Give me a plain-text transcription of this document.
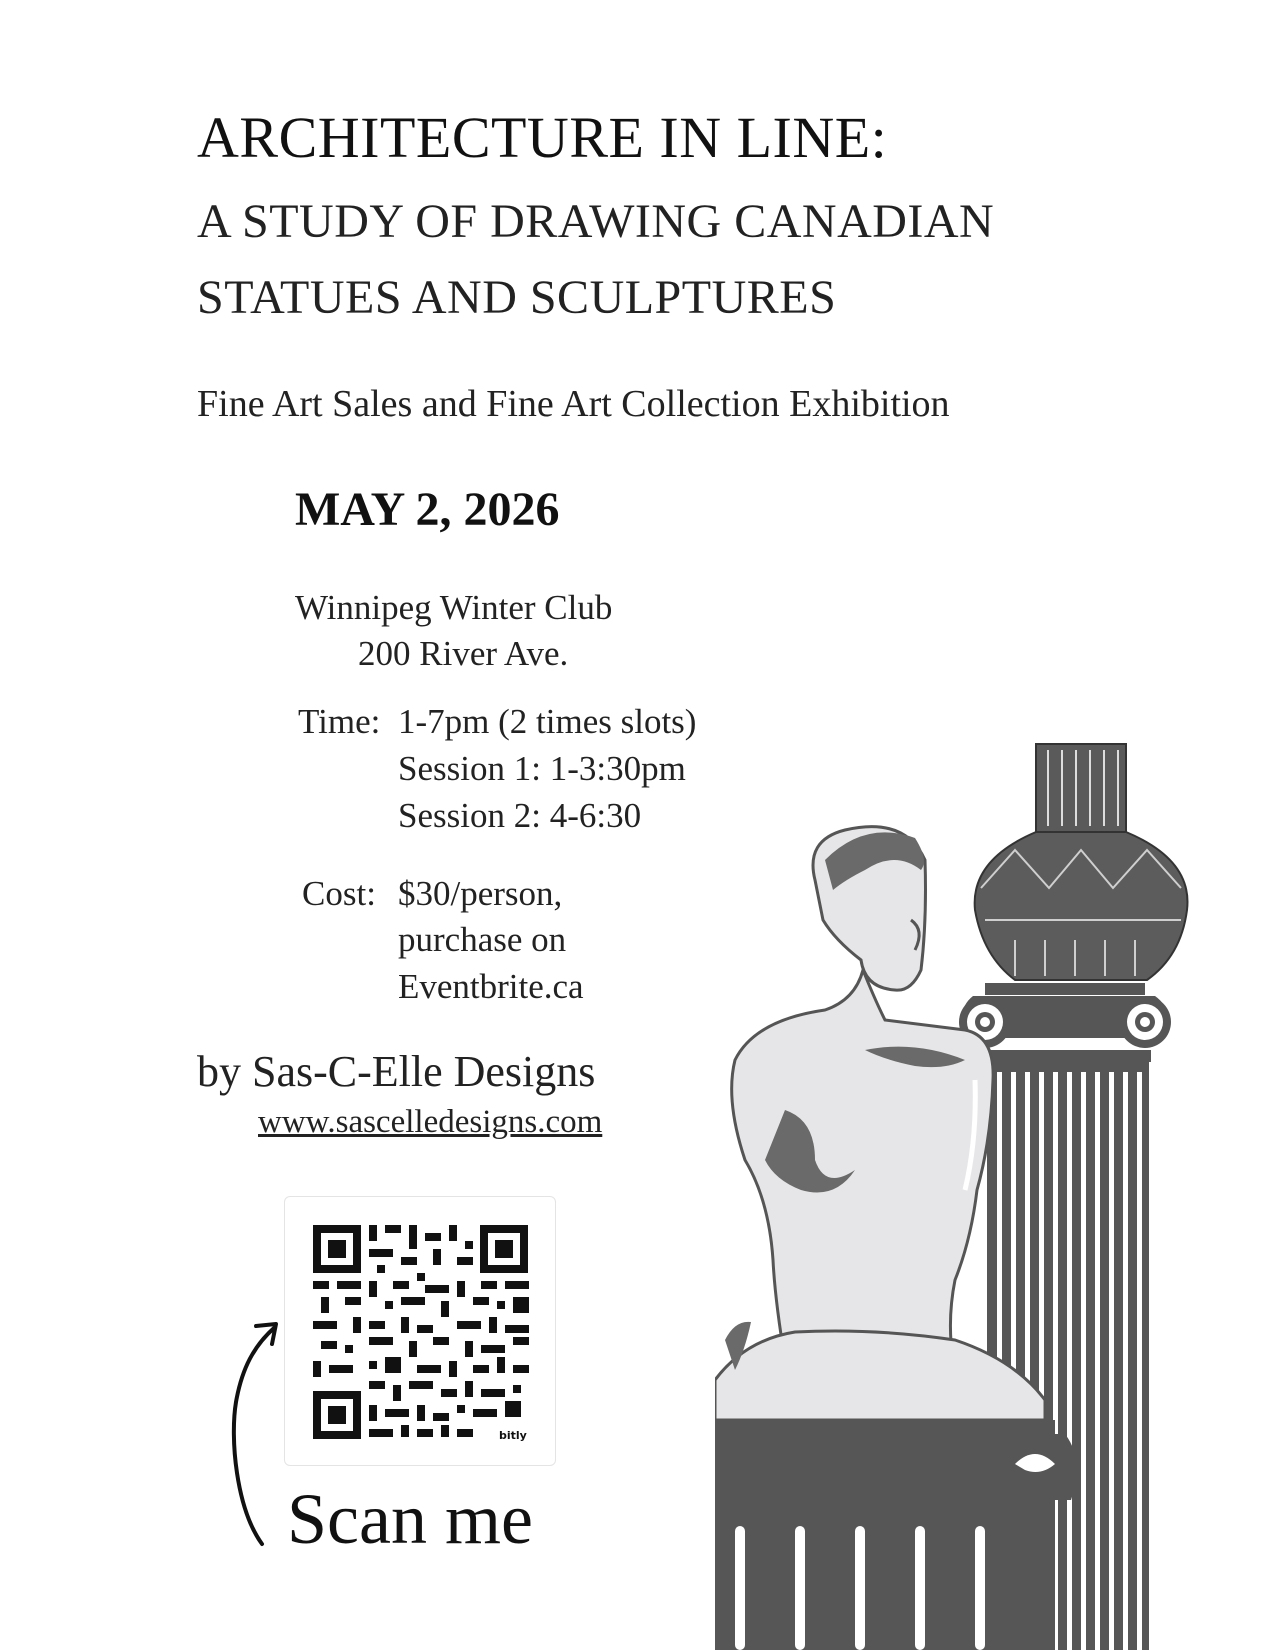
ARCHITECTURE IN LINE:
A STUDY OF DRAWING CANADIAN
STATUES AND SCULPTURES
Fine Art Sales and Fine Art Collection Exhibition
MAY 2, 2026
Winnipeg Winter Club
200 River Ave.
Time: 1-7pm (2 times slots)
Session 1: 1-3:30pm
Session 2: 4-6:30
Cost: $30/person,
purchase on
Eventbrite.ca
by Sas-C-Elle Designs
www.sascelledesigns.com
bitly
Scan me
